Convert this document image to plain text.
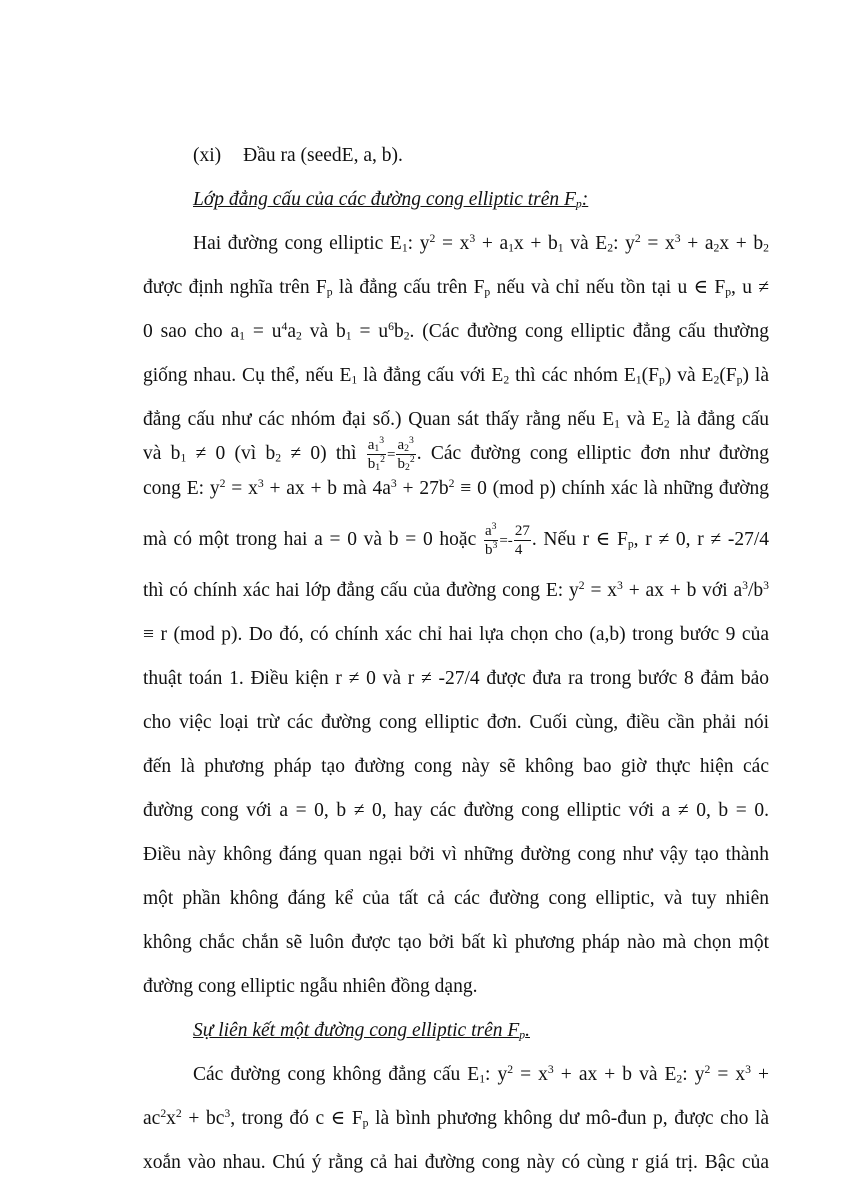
(xi) Đầu ra (seedE, a, b).
Lớp đẳng cấu của các đường cong elliptic trên $F_p$:
Hai đường cong elliptic $E_1$: $y^2 = x^3 + a_1x + b_1$ và $E_2$: $y^2 = x^3 + a_2x + b_2$
được định nghĩa trên $F_p$ là đẳng cấu trên $F_p$ nếu và chỉ nếu tồn tại u ∈ $F_p$, u ≠
0 sao cho $a_1 = u^4a_2$ và $b_1 = u^6b_2$. (Các đường cong elliptic đẳng cấu thường
giống nhau. Cụ thể, nếu $E_1$ là đẳng cấu với $E_2$ thì các nhóm $E_1(F_p)$ và $E_2(F_p)$ là
đẳng cấu như các nhóm đại số.) Quan sát thấy rằng nếu $E_1$ và $E_2$ là đẳng cấu
và $b_1 \ne 0$ (vì $b_2 \ne 0$) thì $\frac{a_1^3}{b_1^2} = \frac{a_2^3}{b_2^2}$ . Các đường cong elliptic đơn như đường
cong E: $y^2 = x^3$ + ax + b mà $4a^3 + 27b^2 \equiv 0$ (mod p) chính xác là những đường
mà có một trong hai a = 0 và b = 0 hoặc $\frac{a^3}{b^3} =- \frac{27}{4}$ . Nếu r ∈ $F_p$, r ≠ 0, r ≠ -27/4
thì có chính xác hai lớp đẳng cấu của đường cong E: $y^2 = x^3$ + ax + b với $a^3/b^3$
≡ r (mod p). Do đó, có chính xác chỉ hai lựa chọn cho (a,b) trong bước 9 của
thuật toán 1. Điều kiện r ≠ 0 và r ≠ -27/4 được đưa ra trong bước 8 đảm bảo
cho việc loại trừ các đường cong elliptic đơn. Cuối cùng, điều cần phải nói
đến là phương pháp tạo đường cong này sẽ không bao giờ thực hiện các
đường cong với a = 0, b ≠ 0, hay các đường cong elliptic với a ≠ 0, b = 0.
Điều này không đáng quan ngại bởi vì những đường cong như vậy tạo thành
một phần không đáng kể của tất cả các đường cong elliptic, và tuy nhiên
không chắc chắn sẽ luôn được tạo bởi bất kì phương pháp nào mà chọn một
đường cong elliptic ngẫu nhiên đồng dạng.
Sự liên kết một đường cong elliptic trên $F_p$.
Các đường cong không đẳng cấu $E_1$: $y^2 = x^3$ + ax + b và $E_2$: $y^2 = x^3$ +
$ac^2x^2 + bc^3$, trong đó c ∈ $F_p$ là bình phương không dư mô-đun p, được cho là
xoắn vào nhau. Chú ý rằng cả hai đường cong này có cùng r giá trị. Bậc của
